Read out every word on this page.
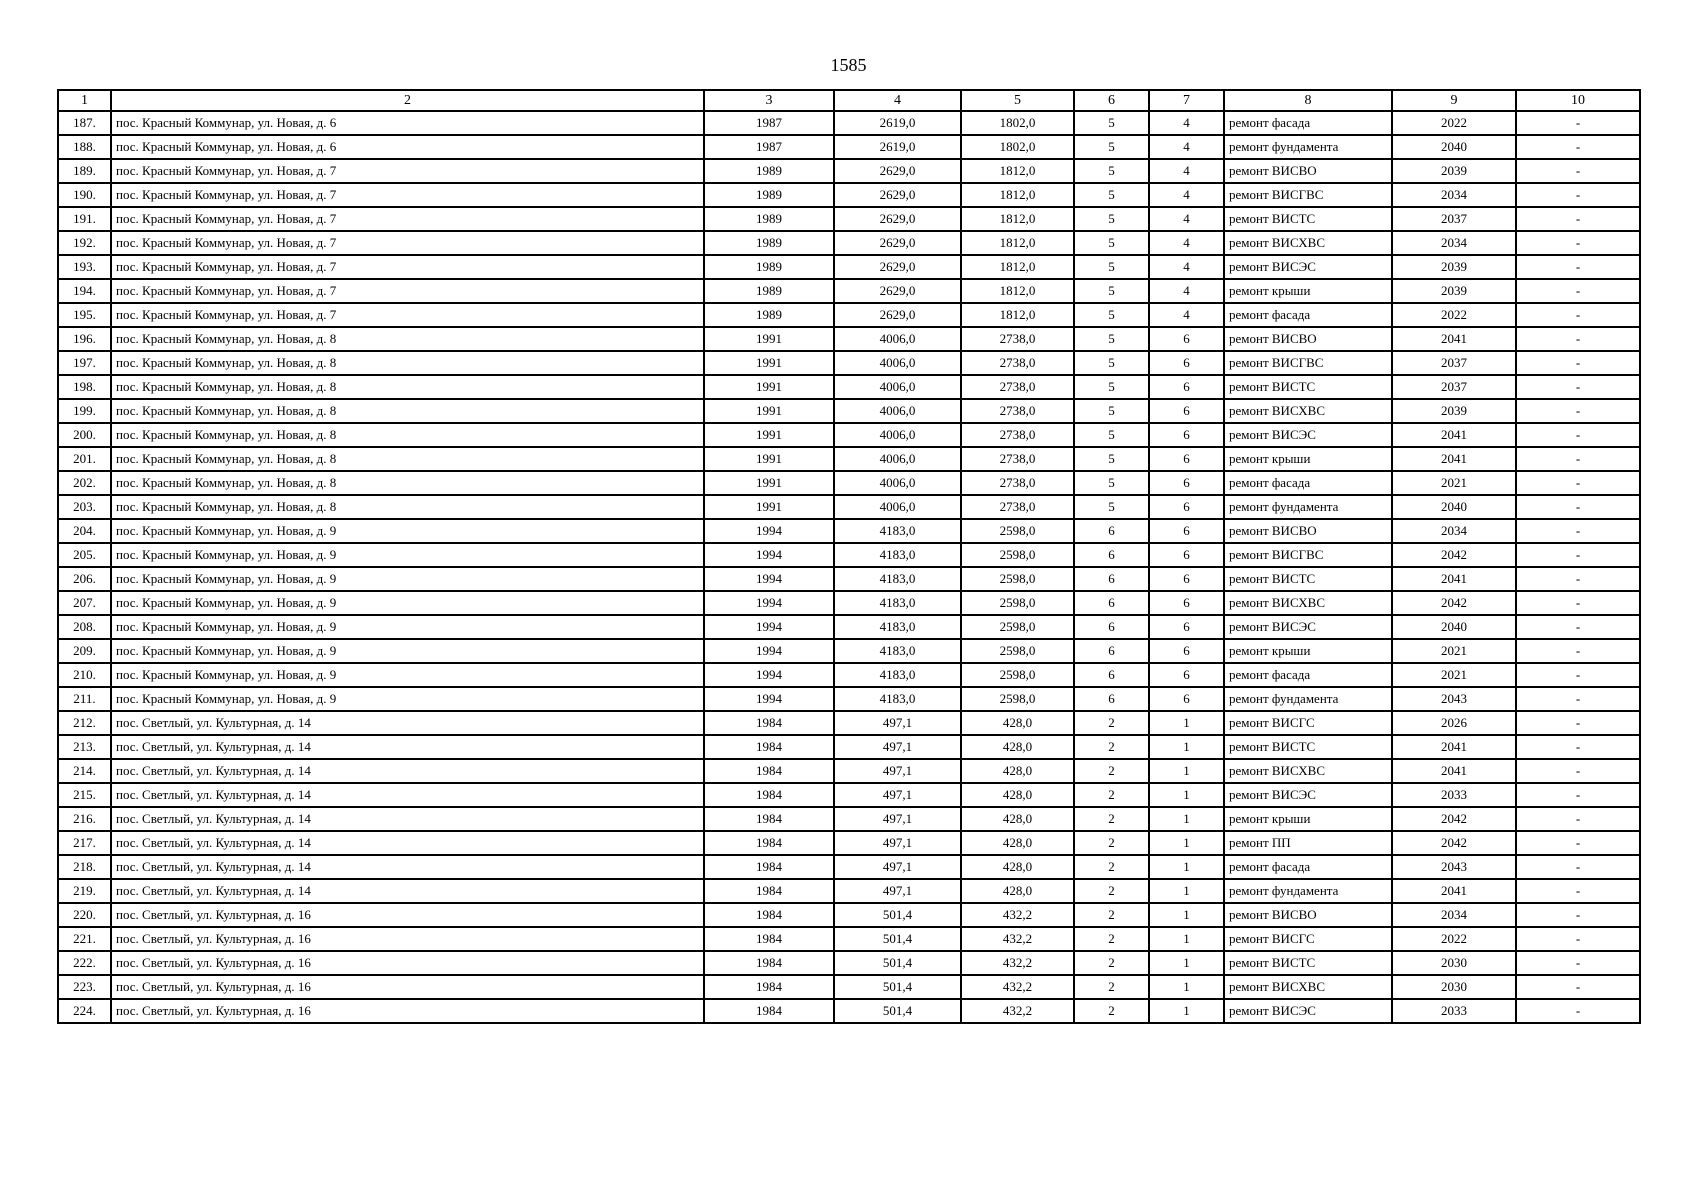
1585
1	2	3	4	5	6	7	8	9	10
187.	пос. Красный Коммунар, ул. Новая, д. 6	1987	2619,0	1802,0	5	4	ремонт фасада	2022	-
188.	пос. Красный Коммунар, ул. Новая, д. 6	1987	2619,0	1802,0	5	4	ремонт фундамента	2040	-
189.	пос. Красный Коммунар, ул. Новая, д. 7	1989	2629,0	1812,0	5	4	ремонт ВИСВО	2039	-
190.	пос. Красный Коммунар, ул. Новая, д. 7	1989	2629,0	1812,0	5	4	ремонт ВИСГВС	2034	-
191.	пос. Красный Коммунар, ул. Новая, д. 7	1989	2629,0	1812,0	5	4	ремонт ВИСТС	2037	-
192.	пос. Красный Коммунар, ул. Новая, д. 7	1989	2629,0	1812,0	5	4	ремонт ВИСХВС	2034	-
193.	пос. Красный Коммунар, ул. Новая, д. 7	1989	2629,0	1812,0	5	4	ремонт ВИСЭС	2039	-
194.	пос. Красный Коммунар, ул. Новая, д. 7	1989	2629,0	1812,0	5	4	ремонт крыши	2039	-
195.	пос. Красный Коммунар, ул. Новая, д. 7	1989	2629,0	1812,0	5	4	ремонт фасада	2022	-
196.	пос. Красный Коммунар, ул. Новая, д. 8	1991	4006,0	2738,0	5	6	ремонт ВИСВО	2041	-
197.	пос. Красный Коммунар, ул. Новая, д. 8	1991	4006,0	2738,0	5	6	ремонт ВИСГВС	2037	-
198.	пос. Красный Коммунар, ул. Новая, д. 8	1991	4006,0	2738,0	5	6	ремонт ВИСТС	2037	-
199.	пос. Красный Коммунар, ул. Новая, д. 8	1991	4006,0	2738,0	5	6	ремонт ВИСХВС	2039	-
200.	пос. Красный Коммунар, ул. Новая, д. 8	1991	4006,0	2738,0	5	6	ремонт ВИСЭС	2041	-
201.	пос. Красный Коммунар, ул. Новая, д. 8	1991	4006,0	2738,0	5	6	ремонт крыши	2041	-
202.	пос. Красный Коммунар, ул. Новая, д. 8	1991	4006,0	2738,0	5	6	ремонт фасада	2021	-
203.	пос. Красный Коммунар, ул. Новая, д. 8	1991	4006,0	2738,0	5	6	ремонт фундамента	2040	-
204.	пос. Красный Коммунар, ул. Новая, д. 9	1994	4183,0	2598,0	6	6	ремонт ВИСВО	2034	-
205.	пос. Красный Коммунар, ул. Новая, д. 9	1994	4183,0	2598,0	6	6	ремонт ВИСГВС	2042	-
206.	пос. Красный Коммунар, ул. Новая, д. 9	1994	4183,0	2598,0	6	6	ремонт ВИСТС	2041	-
207.	пос. Красный Коммунар, ул. Новая, д. 9	1994	4183,0	2598,0	6	6	ремонт ВИСХВС	2042	-
208.	пос. Красный Коммунар, ул. Новая, д. 9	1994	4183,0	2598,0	6	6	ремонт ВИСЭС	2040	-
209.	пос. Красный Коммунар, ул. Новая, д. 9	1994	4183,0	2598,0	6	6	ремонт крыши	2021	-
210.	пос. Красный Коммунар, ул. Новая, д. 9	1994	4183,0	2598,0	6	6	ремонт фасада	2021	-
211.	пос. Красный Коммунар, ул. Новая, д. 9	1994	4183,0	2598,0	6	6	ремонт фундамента	2043	-
212.	пос. Светлый, ул. Культурная, д. 14	1984	497,1	428,0	2	1	ремонт ВИСГС	2026	-
213.	пос. Светлый, ул. Культурная, д. 14	1984	497,1	428,0	2	1	ремонт ВИСТС	2041	-
214.	пос. Светлый, ул. Культурная, д. 14	1984	497,1	428,0	2	1	ремонт ВИСХВС	2041	-
215.	пос. Светлый, ул. Культурная, д. 14	1984	497,1	428,0	2	1	ремонт ВИСЭС	2033	-
216.	пос. Светлый, ул. Культурная, д. 14	1984	497,1	428,0	2	1	ремонт крыши	2042	-
217.	пос. Светлый, ул. Культурная, д. 14	1984	497,1	428,0	2	1	ремонт ПП	2042	-
218.	пос. Светлый, ул. Культурная, д. 14	1984	497,1	428,0	2	1	ремонт фасада	2043	-
219.	пос. Светлый, ул. Культурная, д. 14	1984	497,1	428,0	2	1	ремонт фундамента	2041	-
220.	пос. Светлый, ул. Культурная, д. 16	1984	501,4	432,2	2	1	ремонт ВИСВО	2034	-
221.	пос. Светлый, ул. Культурная, д. 16	1984	501,4	432,2	2	1	ремонт ВИСГС	2022	-
222.	пос. Светлый, ул. Культурная, д. 16	1984	501,4	432,2	2	1	ремонт ВИСТС	2030	-
223.	пос. Светлый, ул. Культурная, д. 16	1984	501,4	432,2	2	1	ремонт ВИСХВС	2030	-
224.	пос. Светлый, ул. Культурная, д. 16	1984	501,4	432,2	2	1	ремонт ВИСЭС	2033	-
